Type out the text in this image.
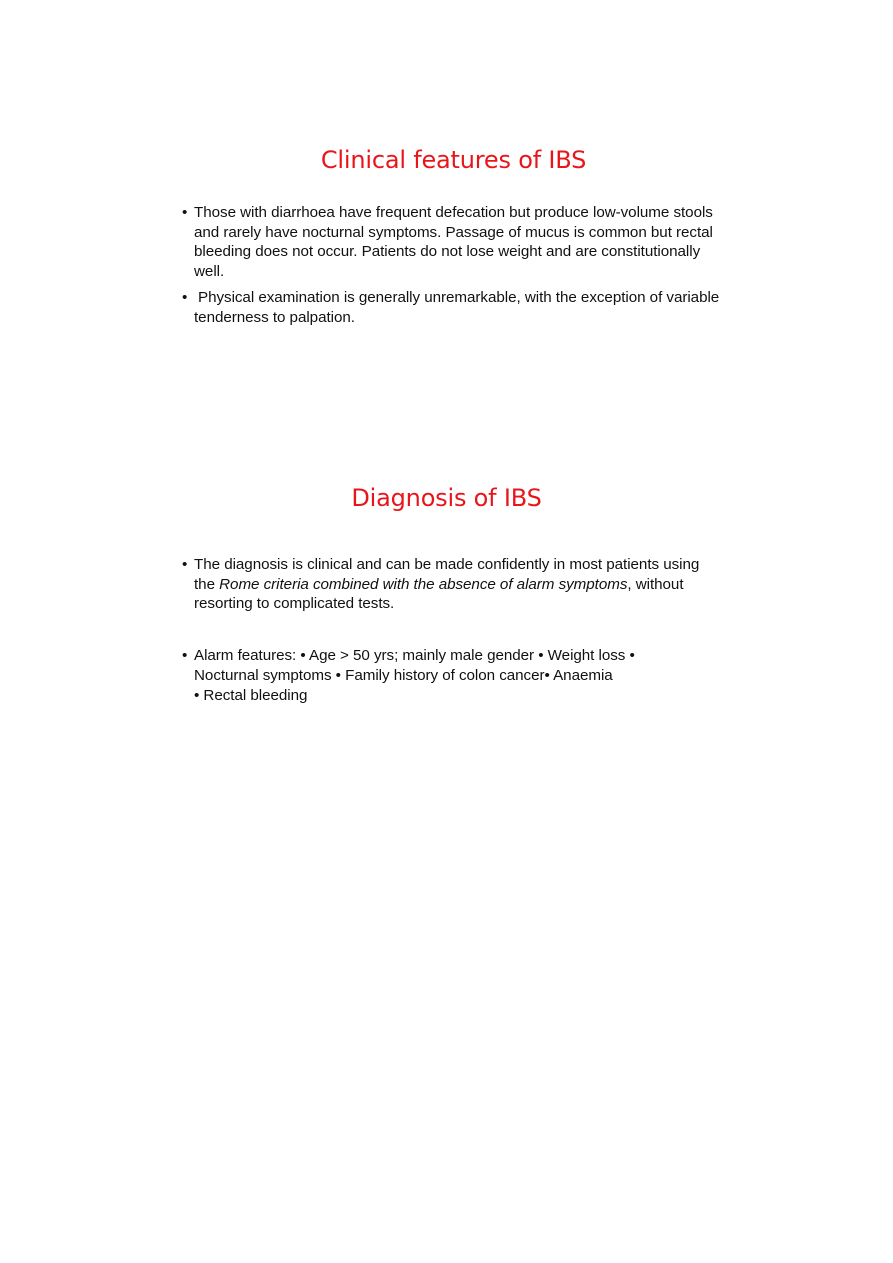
Clinical features of IBS
• Those with diarrhoea have frequent defecation but produce low-volume stools and rarely have nocturnal symptoms. Passage of mucus is common but rectal bleeding does not occur. Patients do not lose weight and are constitutionally well.
• Physical examination is generally unremarkable, with the exception of variable tenderness to palpation.
Diagnosis of IBS
• The diagnosis is clinical and can be made confidently in most patients using the Rome criteria combined with the absence of alarm symptoms, without resorting to complicated tests.
• Alarm features: • Age > 50 yrs; mainly male gender • Weight loss •
Nocturnal symptoms • Family history of colon cancer• Anaemia
• Rectal bleeding
